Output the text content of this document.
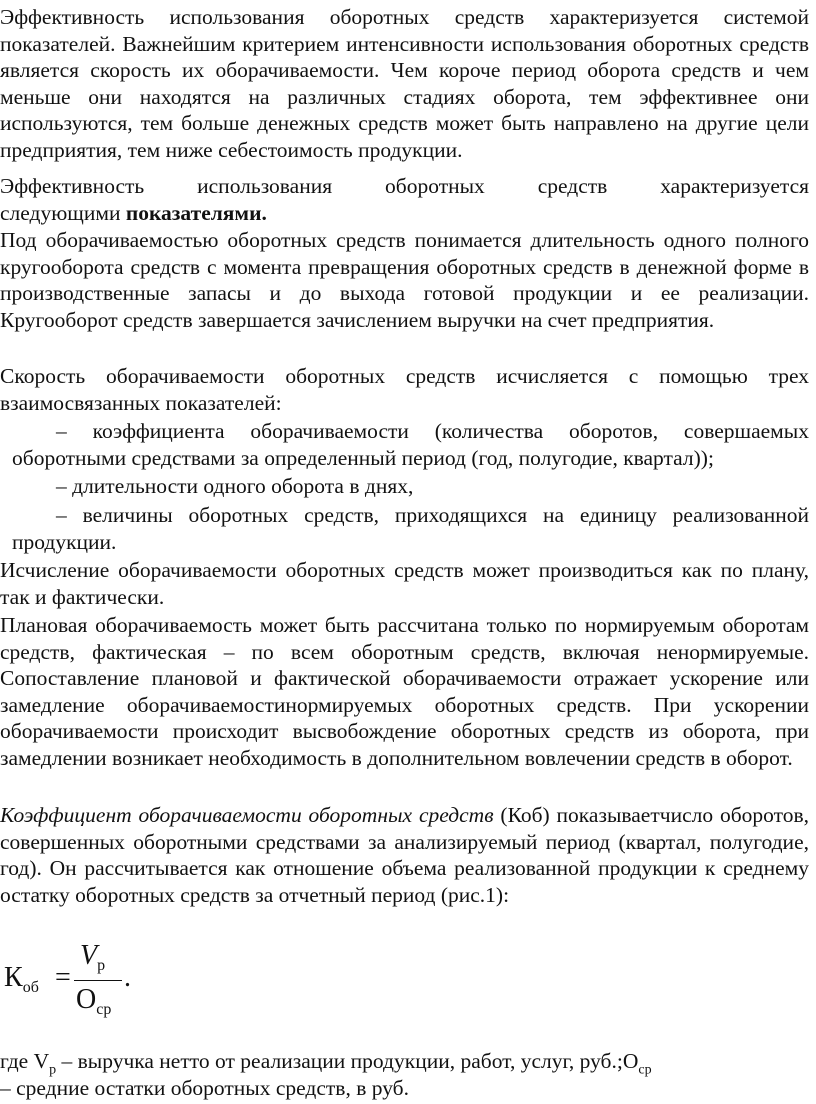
Эффективность использования оборотных средств характеризуется системой показателей. Важнейшим критерием интенсивности использования оборотных средств является скорость их оборачиваемости. Чем короче период оборота средств и чем меньше они находятся на различных стадиях оборота, тем эффективнее они используются, тем больше денежных средств может быть направлено на другие цели предприятия, тем ниже себестоимость продукции.

Эффективность использования оборотных средств характеризуется

следующими показателями.

Под оборачиваемостью оборотных средств понимается длительность одного полного кругооборота средств с момента превращения оборотных средств в денежной форме в производственные запасы и до выхода готовой продукции и ее реализации. Кругооборот средств завершается зачислением выручки на счет предприятия.

Скорость оборачиваемости оборотных средств исчисляется с помощью трех взаимосвязанных показателей:

– коэффициента оборачиваемости (количества оборотов, совершаемых оборотными средствами за определенный период (год, полугодие, квартал));

– длительности одного оборота в днях,

– величины оборотных средств, приходящихся на единицу реализованной продукции.

Исчисление оборачиваемости оборотных средств может производиться как по плану, так и фактически.

Плановая оборачиваемость может быть рассчитана только по нормируемым оборотам средств, фактическая – по всем оборотным средств, включая ненормируемые. Сопоставление плановой и фактической оборачиваемости отражает ускорение или замедление оборачиваемостинормируемых оборотных средств. При ускорении оборачиваемости происходит высвобождение оборотных средств из оборота, при замедлении возникает необходимость в дополнительном вовлечении средств в оборот.

Коэффициент оборачиваемости оборотных средств (Коб) показываетчисло оборотов, совершенных оборотными средствами за анализируемый период (квартал, полугодие, год). Он рассчитывается как отношение объема реализованной продукции к среднему остатку оборотных средств за отчетный период (рис.1):

$К_{об}$ =
$V_р$
$О_{ср}$
.

где $V_р$ – выручка нетто от реализации продукции, работ, услуг, $руб.;О_{ср}$

– средние остатки оборотных средств, в руб.
